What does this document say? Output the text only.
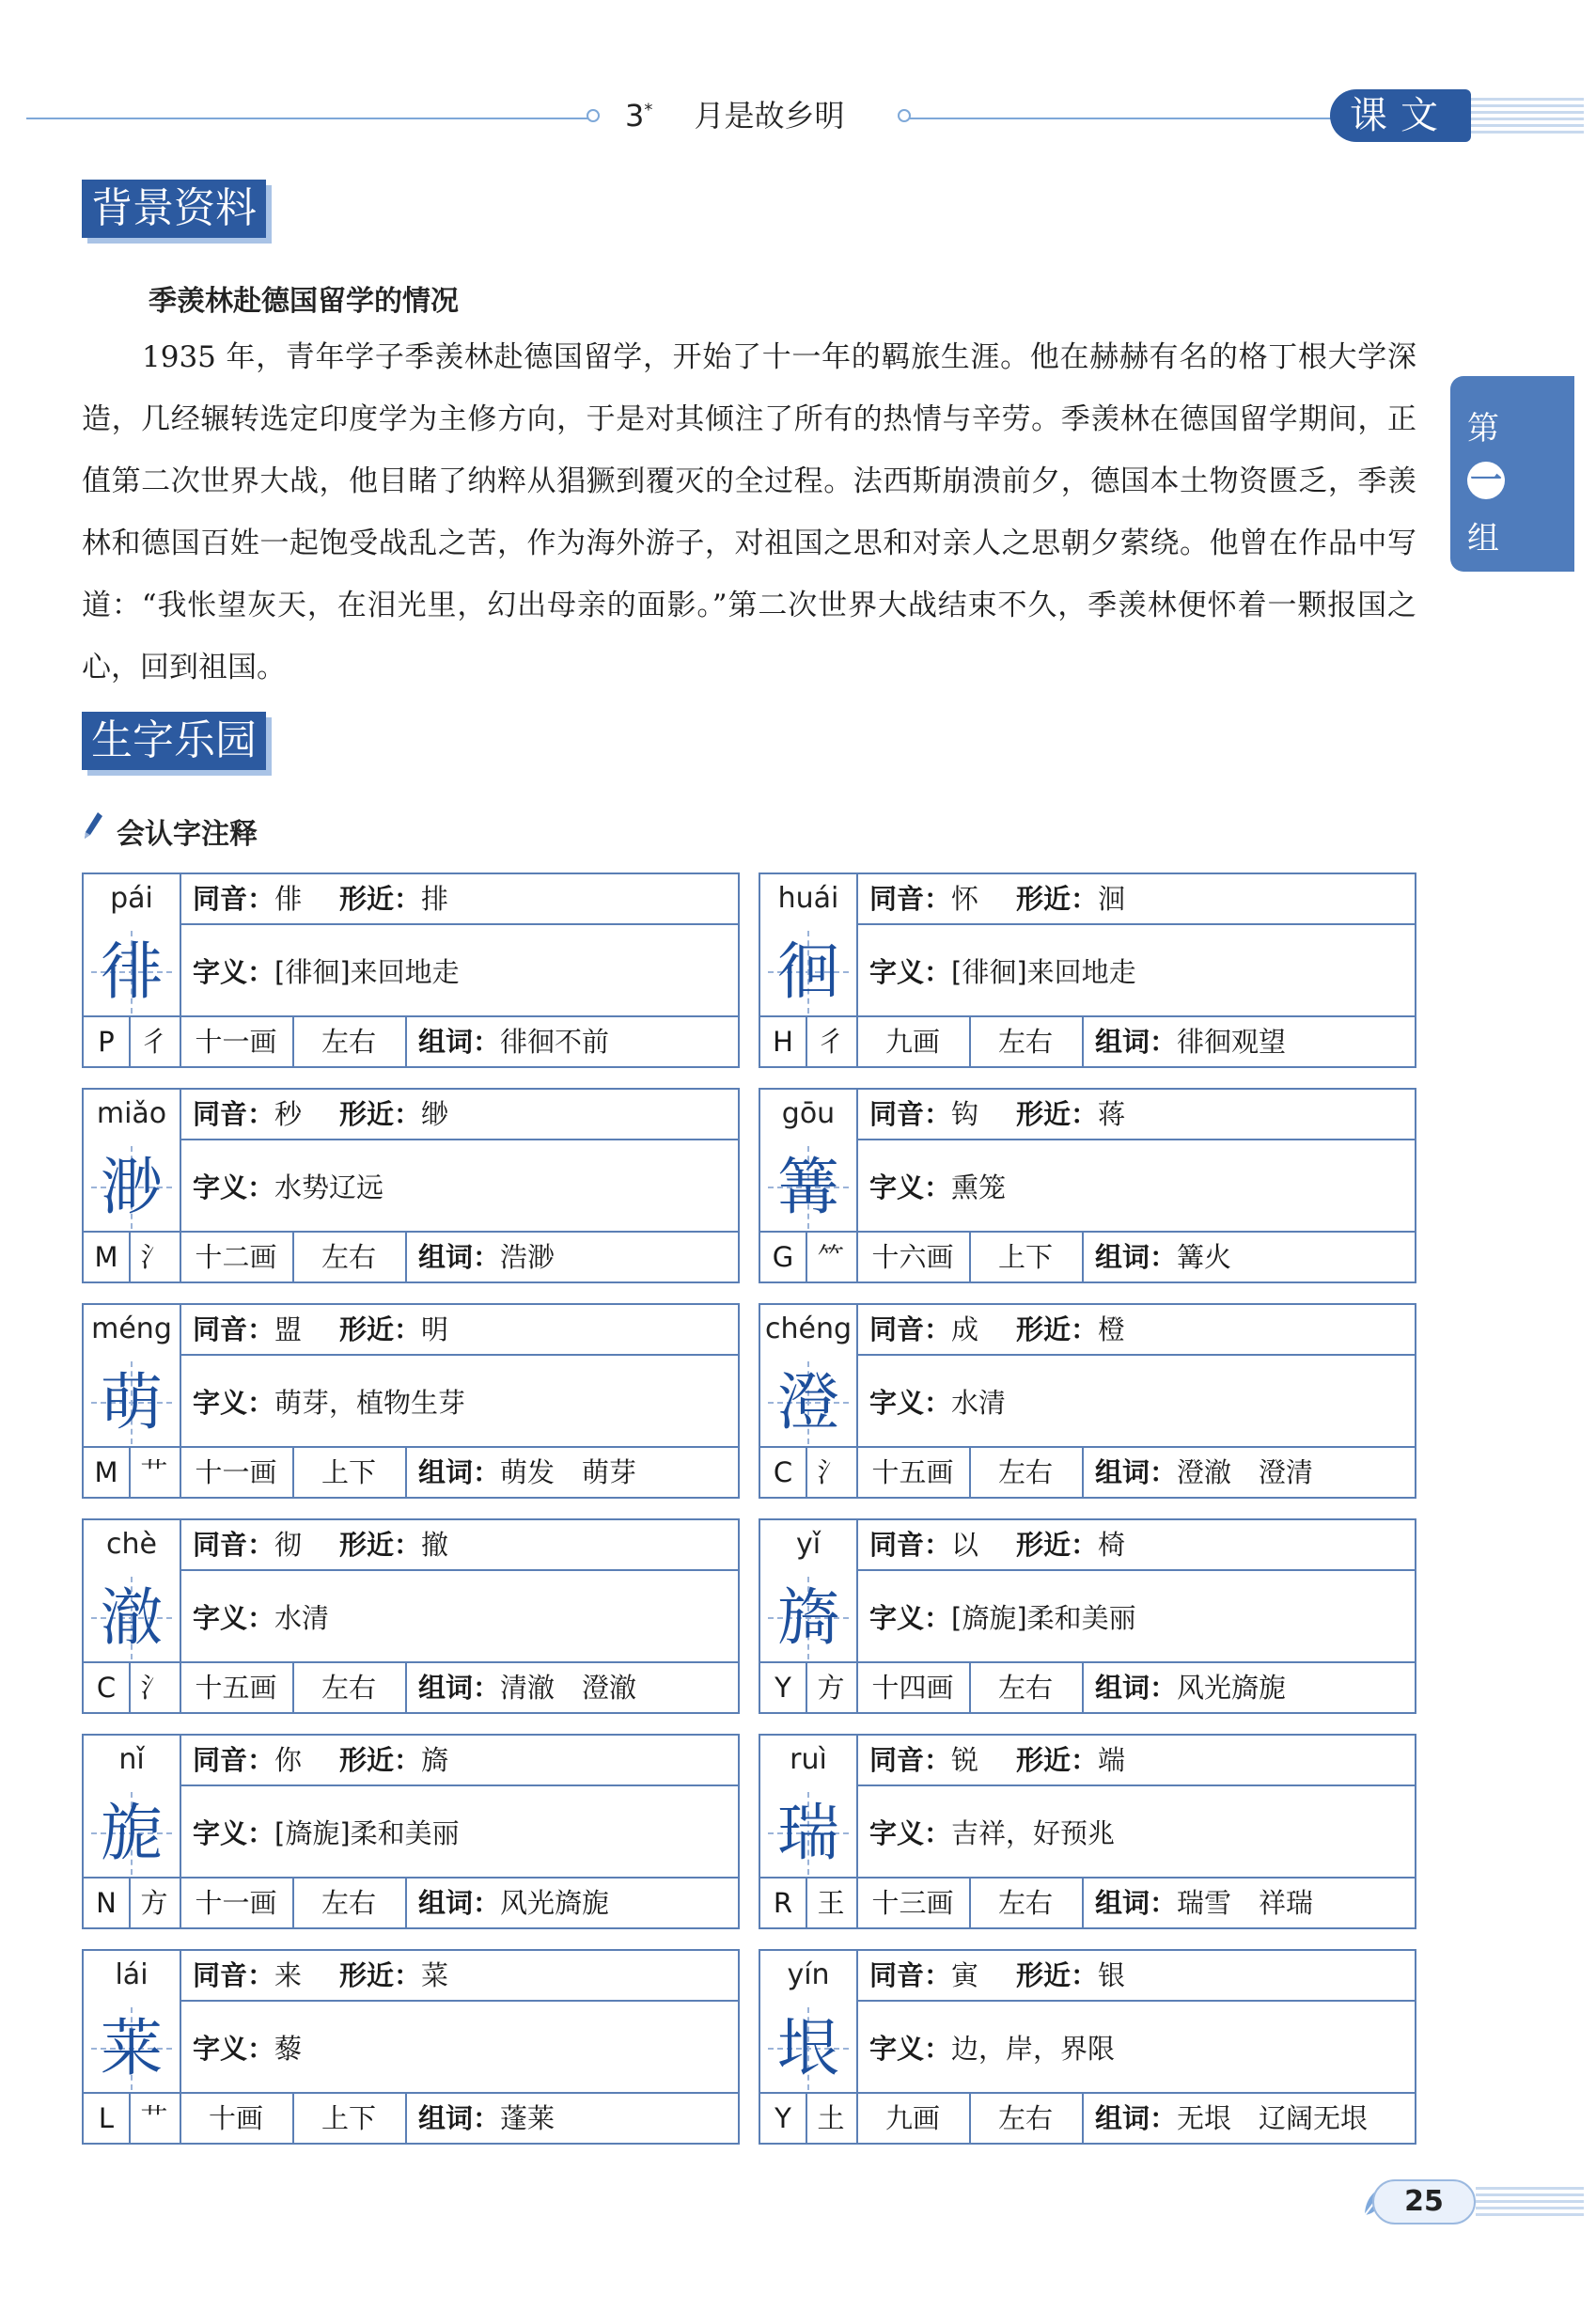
3* 月是故乡明	课文
第
一
组
背景资料
季羡林赴德国留学的情况
1935 年，青年学子季羡林赴德国留学，开始了十一年的羁旅生涯。他在赫赫有名的格丁根大学深造，几经辗转选定印度学为主修方向，于是对其倾注了所有的热情与辛劳。季羡林在德国留学期间，正值第二次世界大战，他目睹了纳粹从猖獗到覆灭的全过程。法西斯崩溃前夕，德国本土物资匮乏，季羡林和德国百姓一起饱受战乱之苦，作为海外游子，对祖国之思和对亲人之思朝夕萦绕。他曾在作品中写道：“我怅望灰天，在泪光里，幻出母亲的面影。”第二次世界大战结束不久，季羡林便怀着一颗报国之心，回到祖国。
生字乐园
会认字注释
pái	同音：俳 形近：排
徘	字义：[徘徊]来回地走
P 彳 十一画	左右	组词：徘徊不前
huái	同音：怀 形近：洄
徊	字义：[徘徊]来回地走
H 彳	九画	左右	组词：徘徊观望
miǎo 同音：秒 形近：缈
渺	字义：水势辽远
M 氵 十二画	左右	组词：浩渺
gōu	同音：钩 形近：蒋
篝	字义：熏笼
G ⺮ 十六画	上下	组词：篝火
méng 同音：盟 形近：明
萌	字义：萌芽，植物生芽
M 艹 十一画	上下	组词：萌发　萌芽
chéng 同音：成 形近：橙
澄	字义：水清
C 氵 十五画	左右	组词：澄澈　澄清
chè	同音：彻 形近：撤
澈	字义：水清
C 氵 十五画	左右	组词：清澈　澄澈
yǐ	同音：以 形近：椅
旖	字义：[旖旎]柔和美丽
Y 方 十四画	左右	组词：风光旖旎
nǐ	同音：你 形近：旖
旎	字义：[旖旎]柔和美丽
N 方 十一画	左右	组词：风光旖旎
ruì	同音：锐 形近：端
瑞	字义：吉祥，好预兆
R 王 十三画	左右	组词：瑞雪　祥瑞
lái	同音：来 形近：菜
莱	字义：藜
L 艹	十画	上下	组词：蓬莱
yín	同音：寅 形近：银
垠	字义：边，岸，界限
Y 土	九画	左右	组词：无垠　辽阔无垠
25
